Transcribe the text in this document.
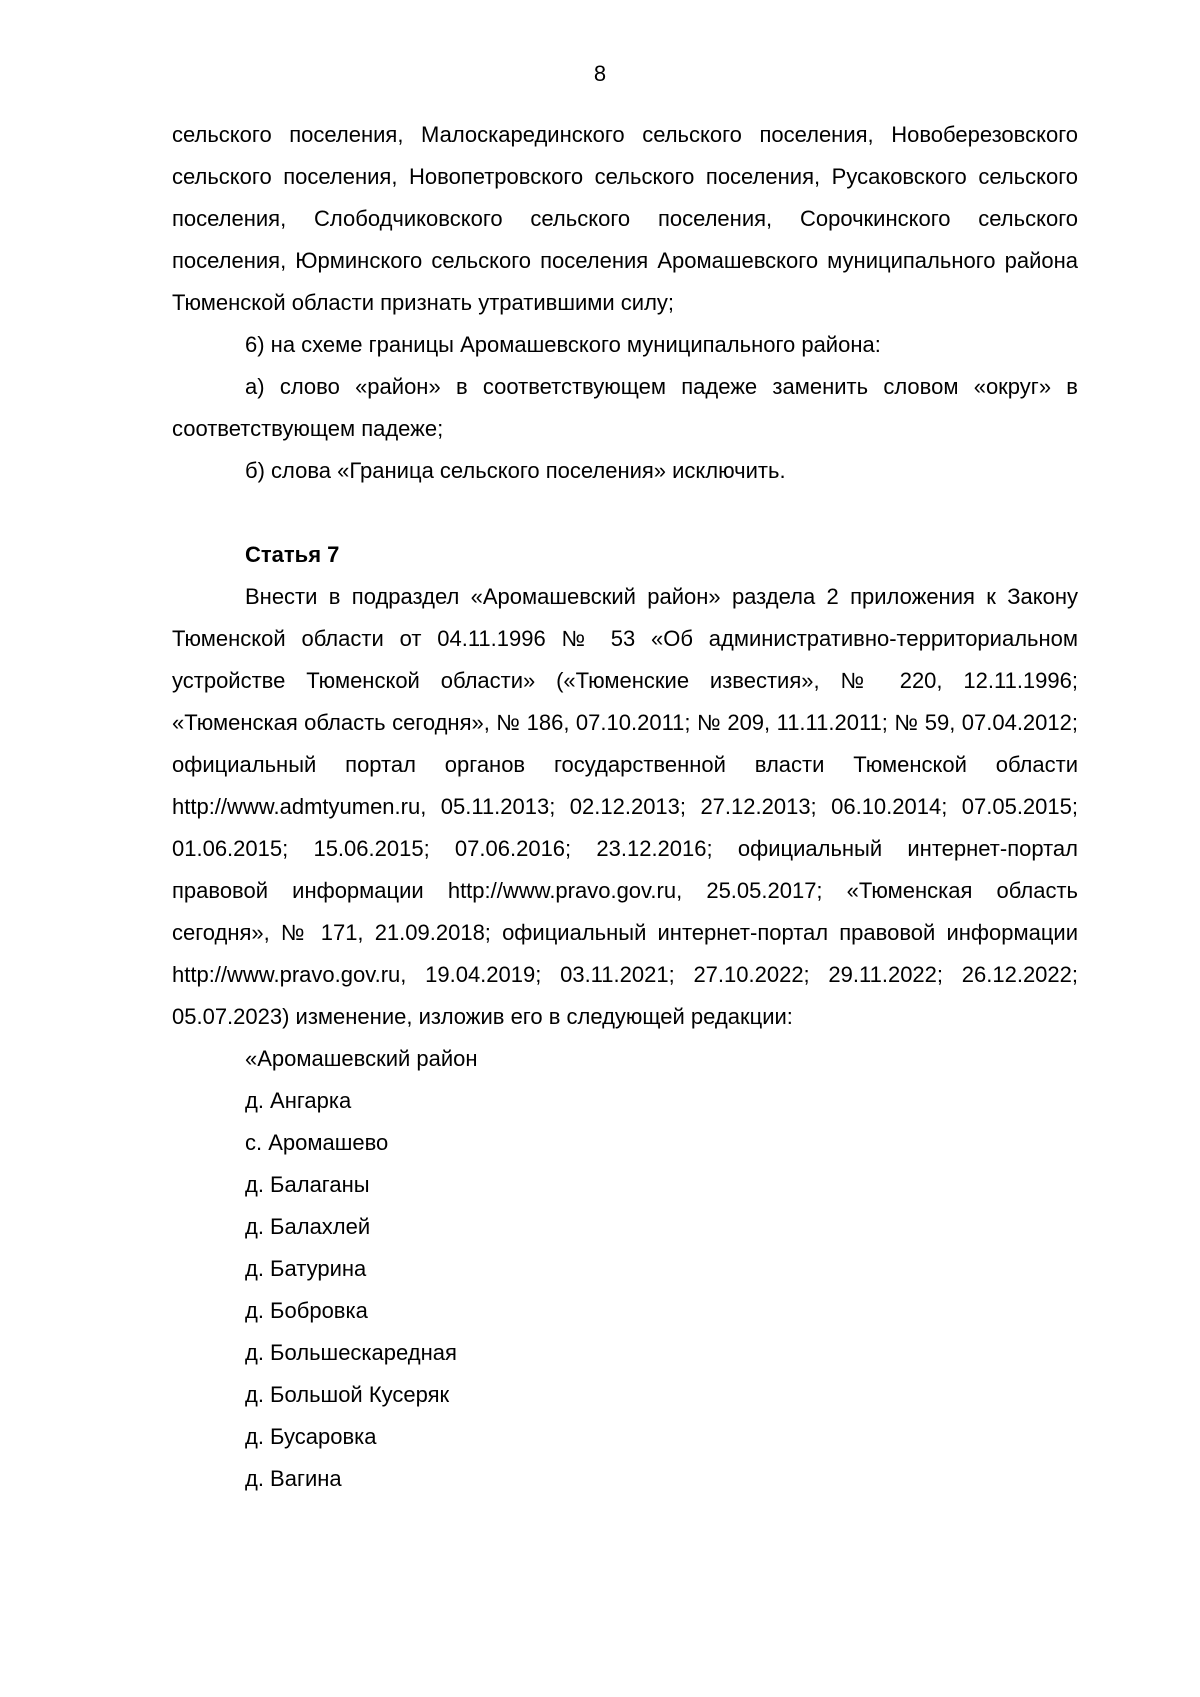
8

сельского поселения, Малоскарединского сельского поселения, Новоберезовского сельского поселения, Новопетровского сельского поселения, Русаковского сельского поселения, Слободчиковского сельского поселения, Сорочкинского сельского поселения, Юрминского сельского поселения Аромашевского муниципального района Тюменской области признать утратившими силу;

6) на схеме границы Аромашевского муниципального района:

а) слово «район» в соответствующем падеже заменить словом «округ» в соответствующем падеже;

б) слова «Граница сельского поселения» исключить.

Статья 7

Внести в подраздел «Аромашевский район» раздела 2 приложения к Закону Тюменской области от 04.11.1996 № 53 «Об административно-территориальном устройстве Тюменской области» («Тюменские известия», № 220, 12.11.1996; «Тюменская область сегодня», № 186, 07.10.2011; № 209, 11.11.2011; № 59, 07.04.2012; официальный портал органов государственной власти Тюменской области http://www.admtyumen.ru, 05.11.2013; 02.12.2013; 27.12.2013; 06.10.2014; 07.05.2015; 01.06.2015; 15.06.2015; 07.06.2016; 23.12.2016; официальный интернет-портал правовой информации http://www.pravo.gov.ru, 25.05.2017; «Тюменская область сегодня», № 171, 21.09.2018; официальный интернет-портал правовой информации http://www.pravo.gov.ru, 19.04.2019; 03.11.2021; 27.10.2022; 29.11.2022; 26.12.2022; 05.07.2023) изменение, изложив его в следующей редакции:

«Аромашевский район

д. Ангарка

с. Аромашево

д. Балаганы

д. Балахлей

д. Батурина

д. Бобровка

д. Большескаредная

д. Большой Кусеряк

д. Бусаровка

д. Вагина
